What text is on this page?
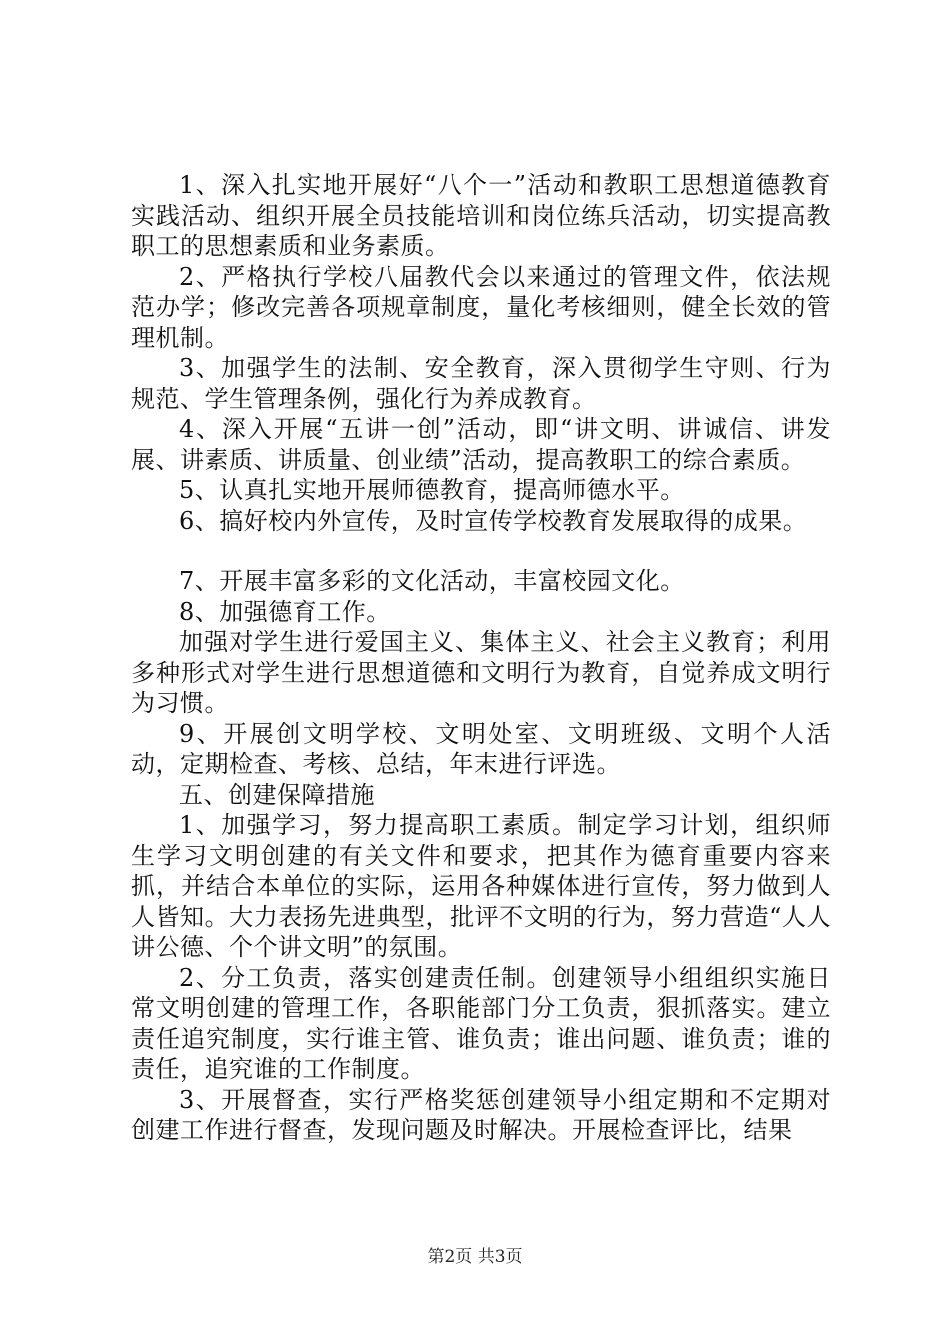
1、深入扎实地开展好“八个一”活动和教职工思想道德教育实践活动、组织开展全员技能培训和岗位练兵活动，切实提高教职工的思想素质和业务素质。

2、严格执行学校八届教代会以来通过的管理文件，依法规范办学；修改完善各项规章制度，量化考核细则，健全长效的管理机制。

3、加强学生的法制、安全教育，深入贯彻学生守则、行为规范、学生管理条例，强化行为养成教育。

4、深入开展“五讲一创”活动，即“讲文明、讲诚信、讲发展、讲素质、讲质量、创业绩”活动，提高教职工的综合素质。

5、认真扎实地开展师德教育，提高师德水平。

6、搞好校内外宣传，及时宣传学校教育发展取得的成果。

7、开展丰富多彩的文化活动，丰富校园文化。

8、加强德育工作。

加强对学生进行爱国主义、集体主义、社会主义教育；利用多种形式对学生进行思想道德和文明行为教育，自觉养成文明行为习惯。

9、开展创文明学校、文明处室、文明班级、文明个人活动，定期检查、考核、总结，年末进行评选。

五、创建保障措施

1、加强学习，努力提高职工素质。制定学习计划，组织师生学习文明创建的有关文件和要求，把其作为德育重要内容来抓，并结合本单位的实际，运用各种媒体进行宣传，努力做到人人皆知。大力表扬先进典型，批评不文明的行为，努力营造“人人讲公德、个个讲文明”的氛围。

2、分工负责，落实创建责任制。创建领导小组组织实施日常文明创建的管理工作，各职能部门分工负责，狠抓落实。建立责任追究制度，实行谁主管、谁负责；谁出问题、谁负责；谁的责任，追究谁的工作制度。

3、开展督查，实行严格奖惩创建领导小组定期和不定期对创建工作进行督查，发现问题及时解决。开展检查评比，结果

第2页 共3页
